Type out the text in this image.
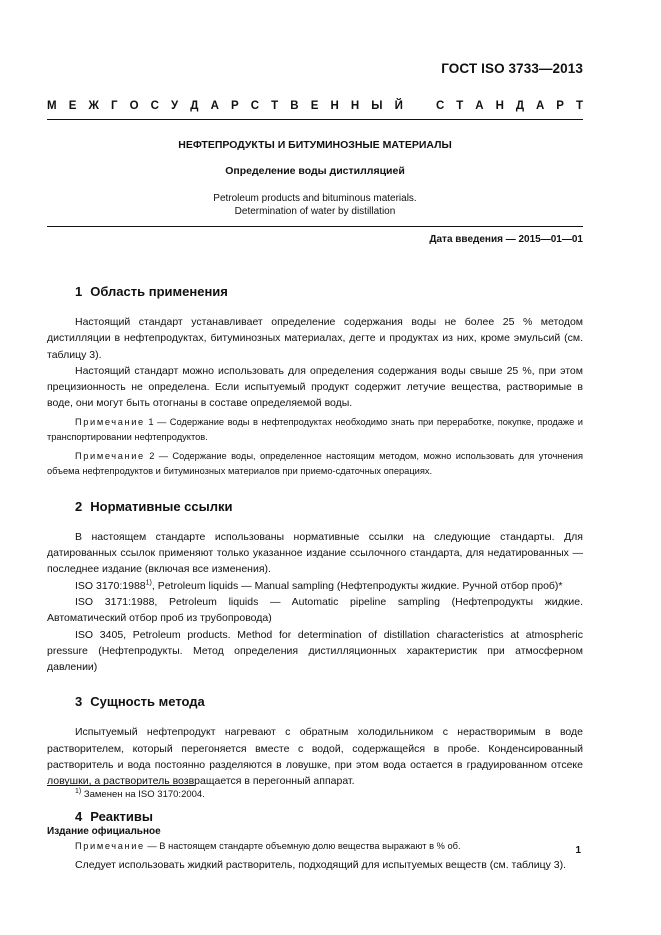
ГОСТ ISO 3733—2013
М Е Ж Г О С У Д А Р С Т В Е Н Н Ы Й	С Т А Н Д А Р Т
НЕФТЕПРОДУКТЫ И БИТУМИНОЗНЫЕ МАТЕРИАЛЫ
Определение воды дистилляцией
Petroleum products and bituminous materials.
Determination of water by distillation
Дата введения — 2015—01—01
1 Область применения

Настоящий стандарт устанавливает определение содержания воды не более 25 % методом дистилляции в нефтепродуктах, битуминозных материалах, дегте и продуктах из них, кроме эмульсий (см. таблицу 3).

Настоящий стандарт можно использовать для определения содержания воды свыше 25 %, при этом прецизионность не определена. Если испытуемый продукт содержит летучие вещества, растворимые в воде, они могут быть отогнаны в составе определяемой воды.

Примечание 1 — Содержание воды в нефтепродуктах необходимо знать при переработке, покупке, продаже и транспортировании нефтепродуктов.

Примечание 2 — Содержание воды, определенное настоящим методом, можно использовать для уточнения объема нефтепродуктов и битуминозных материалов при приемо-сдаточных операциях.

2 Нормативные ссылки

В настоящем стандарте использованы нормативные ссылки на следующие стандарты. Для датированных ссылок применяют только указанное издание ссылочного стандарта, для недатированных — последнее издание (включая все изменения).

ISO 3170:1988$^{1)}$, Petroleum liquids — Manual sampling (Нефтепродукты жидкие. Ручной отбор проб)*

ISO 3171:1988, Petroleum liquids — Automatic pipeline sampling (Нефтепродукты жидкие. Автоматический отбор проб из трубопровода)

ISO 3405, Petroleum products. Method for determination of distillation characteristics at atmospheric pressure (Нефтепродукты. Метод определения дистилляционных характеристик при атмосферном давлении)

3 Сущность метода

Испытуемый нефтепродукт нагревают с обратным холодильником с нерастворимым в воде растворителем, который перегоняется вместе с водой, содержащейся в пробе. Конденсированный растворитель и вода постоянно разделяются в ловушке, при этом вода остается в градуированном отсеке ловушки, а растворитель возвращается в перегонный аппарат.

4 Реактивы

Примечание — В настоящем стандарте объемную долю вещества выражают в % об.

Следует использовать жидкий растворитель, подходящий для испытуемых веществ (см. таблицу 3).

$^{1)}$ Заменен на ISO 3170:2004.
Издание официальное
1
